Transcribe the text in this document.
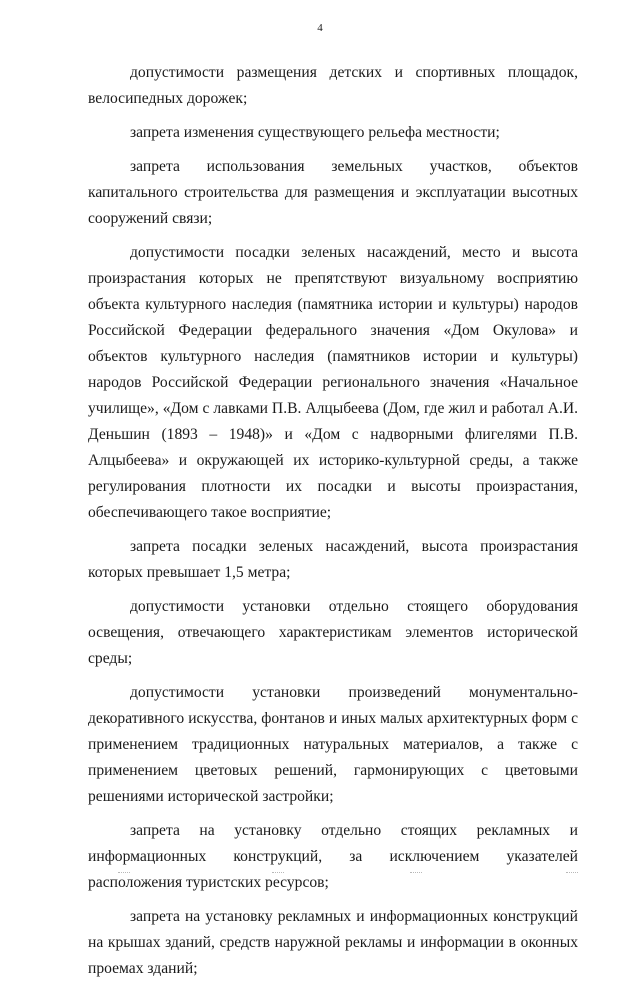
4

допустимости размещения детских и спортивных площадок, велосипедных дорожек;

запрета изменения существующего рельефа местности;

запрета использования земельных участков, объектов капитального строительства для размещения и эксплуатации высотных сооружений связи;

допустимости посадки зеленых насаждений, место и высота произрастания которых не препятствуют визуальному восприятию объекта культурного наследия (памятника истории и культуры) народов Российской Федерации федерального значения «Дом Окулова» и объектов культурного наследия (памятников истории и культуры) народов Российской Федерации регионального значения «Начальное училище», «Дом с лавками П.В. Алцыбеева (Дом, где жил и работал А.И. Деньшин (1893 – 1948)» и «Дом с надворными флигелями П.В. Алцыбеева» и окружающей их историко-культурной среды, а также регулирования плотности их посадки и высоты произрастания, обеспечивающего такое восприятие;

запрета посадки зеленых насаждений, высота произрастания которых превышает 1,5 метра;

допустимости установки отдельно стоящего оборудования освещения, отвечающего характеристикам элементов исторической среды;

допустимости установки произведений монументально-декоративного искусства, фонтанов и иных малых архитектурных форм с применением традиционных натуральных материалов, а также с применением цветовых решений, гармонирующих с цветовыми решениями исторической застройки;

запрета на установку отдельно стоящих рекламных и информационных конструкций, за исключением указателей расположения туристских ресурсов;

запрета на установку рекламных и информационных конструкций на крышах зданий, средств наружной рекламы и информации в оконных проемах зданий;
